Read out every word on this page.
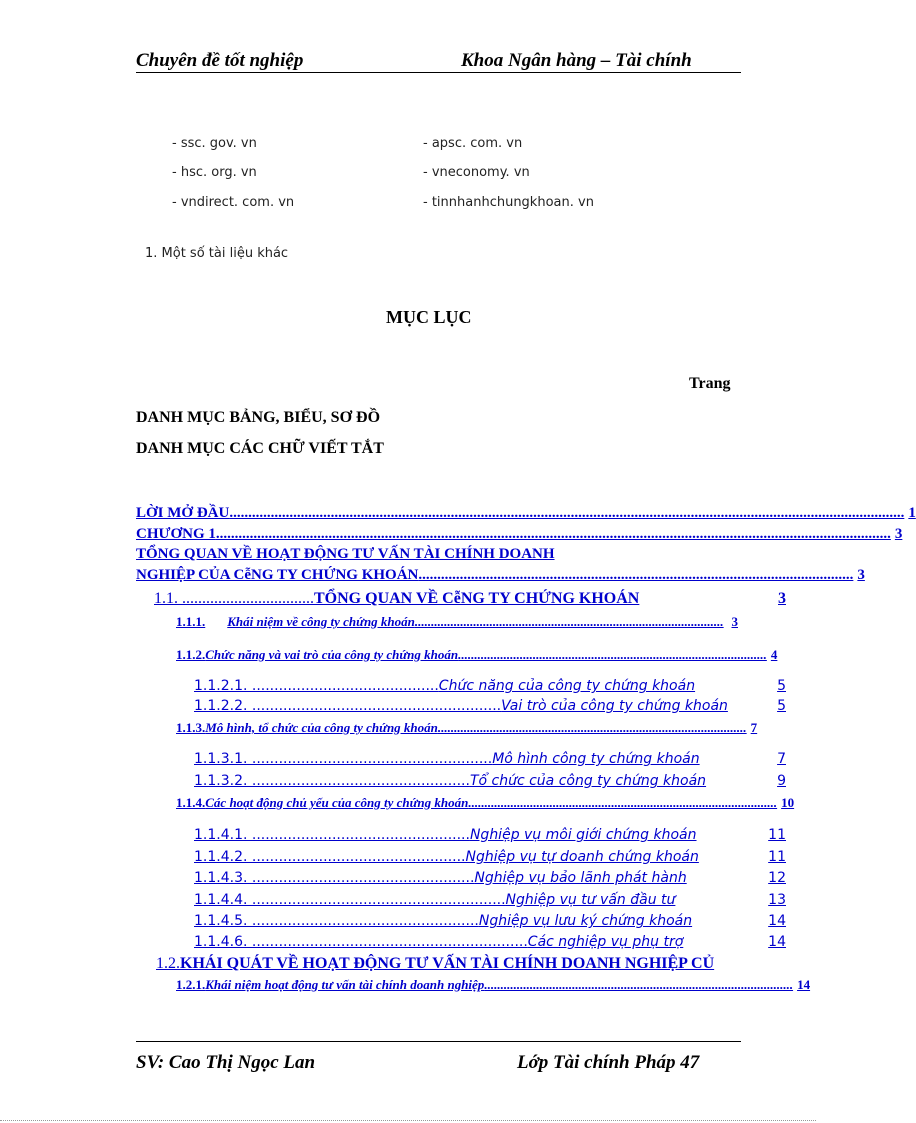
Chuyên đề tốt nghiệp	Khoa Ngân hàng – Tài chính
- ssc. gov. vn
- hsc. org. vn
- vndirect. com. vn
- apsc. com. vn
- vneconomy. vn
- tinnhanhchungkhoan. vn
1. Một số tài liệu khác
MỤC LỤC
Trang
DANH MỤC BẢNG, BIỂU, SƠ ĐỒ
DANH MỤC CÁC CHỮ VIẾT TẮT
LỜI MỞ ĐẦU .................................................................................................................................................................................... 1
CHƯƠNG 1 .................................................................................................................................................................................... 3
TỔNG QUAN VỀ HOẠT ĐỘNG TƯ VẤN TÀI CHÍNH DOANH
NGHIỆP CỦA CễNG TY CHỨNG KHOÁN .................................................................................................................... 3
1.1. ................................. TỔNG QUAN VỀ CễNG TY CHỨNG KHOÁN	3
1.1.1. Khái niệm về công ty chứng khoán ............................................................................................... 3
1.1.2. Chức năng và vai trò của công ty chứng khoán ............................................................................................... 4
1.1.2.1. .......................................... Chức năng của công ty chứng khoán	5
1.1.2.2. ........................................................ Vai trò của công ty chứng khoán	5
1.1.3. Mô hình, tổ chức của công ty chứng khoán ............................................................................................... 7
1.1.3.1. ...................................................... Mô hình công ty chứng khoán	7
1.1.3.2. ................................................. Tổ chức của công ty chứng khoán	9
1.1.4. Các hoạt động chủ yếu của công ty chứng khoán ............................................................................................... 10
1.1.4.1. ................................................. Nghiệp vụ môi giới chứng khoán	11
1.1.4.2. ................................................ Nghiệp vụ tự doanh chứng khoán	11
1.1.4.3. .................................................. Nghiệp vụ bảo lãnh phát hành	12
1.1.4.4. ......................................................... Nghiệp vụ tư vấn đầu tư	13
1.1.4.5. ................................................... Nghiệp vụ lưu ký chứng khoán	14
1.1.4.6. .............................................................. Các nghiệp vụ phụ trợ	14
1.2. KHÁI QUÁT VỀ HOẠT ĐỘNG TƯ VẤN TÀI CHÍNH DOANH NGHIỆP CỦ
1.2.1. Khái niệm hoạt động tư vấn tài chính doanh nghiệp ............................................................................................... 14
SV: Cao Thị Ngọc Lan	Lớp Tài chính Pháp 47
